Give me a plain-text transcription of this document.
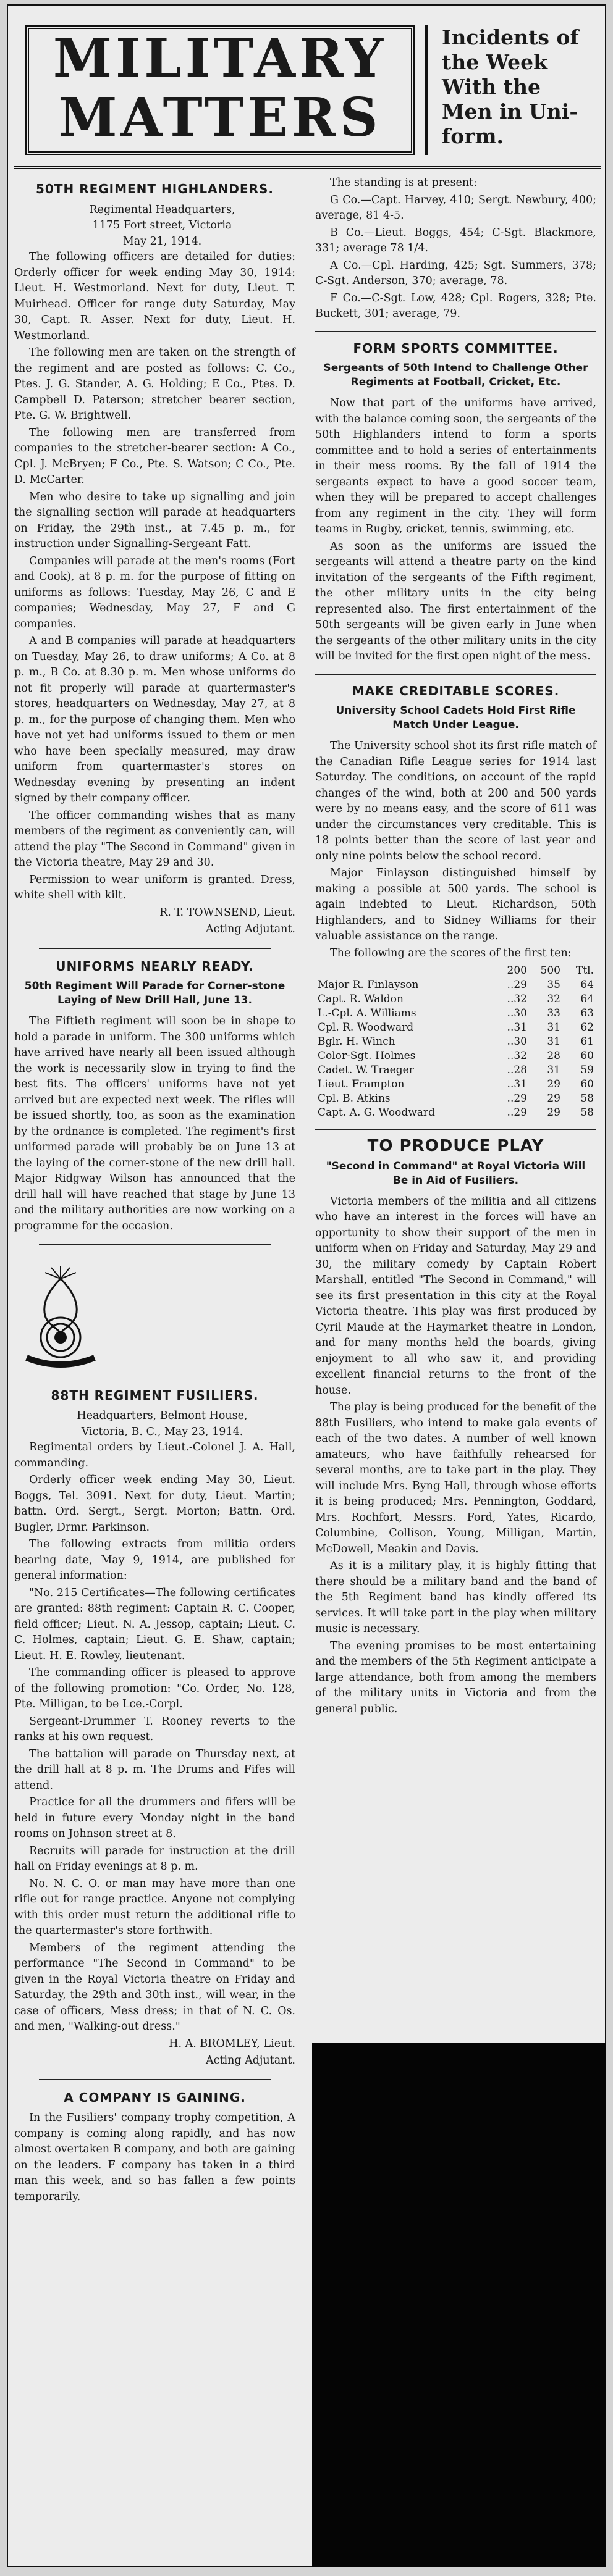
MILITARY
MATTERS
Incidents of
the Week
With the
Men in Uni-
form.
50TH REGIMENT HIGHLANDERS.

Regimental Headquarters,

1175 Fort street, Victoria

May 21, 1914.

The following officers are detailed for duties: Orderly officer for week ending May 30, 1914: Lieut. H. Westmorland. Next for duty, Lieut. T. Muirhead. Officer for range duty Saturday, May 30, Capt. R. Asser. Next for duty, Lieut. H. Westmorland.

The following men are taken on the strength of the regiment and are posted as follows: C. Co., Ptes. J. G. Stander, A. G. Holding; E Co., Ptes. D. Campbell D. Paterson; stretcher bearer section, Pte. G. W. Brightwell.

The following men are transferred from companies to the stretcher-bearer section: A Co., Cpl. J. McBryen; F Co., Pte. S. Watson; C Co., Pte. D. McCarter.

Men who desire to take up signalling and join the signalling section will parade at headquarters on Friday, the 29th inst., at 7.45 p. m., for instruction under Signalling-Sergeant Fatt.

Companies will parade at the men's rooms (Fort and Cook), at 8 p. m. for the purpose of fitting on uniforms as follows: Tuesday, May 26, C and E companies; Wednesday, May 27, F and G companies.

A and B companies will parade at headquarters on Tuesday, May 26, to draw uniforms; A Co. at 8 p. m., B Co. at 8.30 p. m. Men whose uniforms do not fit properly will parade at quartermaster's stores, headquarters on Wednesday, May 27, at 8 p. m., for the purpose of changing them. Men who have not yet had uniforms issued to them or men who have been specially measured, may draw uniform from quartermaster's stores on Wednesday evening by presenting an indent signed by their company officer.

The officer commanding wishes that as many members of the regiment as conveniently can, will attend the play "The Second in Command" given in the Victoria theatre, May 29 and 30.

Permission to wear uniform is granted. Dress, white shell with kilt.

R. T. TOWNSEND, Lieut.

Acting Adjutant.

UNIFORMS NEARLY READY.
50th Regiment Will Parade for Corner-stone Laying of New Drill Hall, June 13.

The Fiftieth regiment will soon be in shape to hold a parade in uniform. The 300 uniforms which have arrived have nearly all been issued although the work is necessarily slow in trying to find the best fits. The officers' uniforms have not yet arrived but are expected next week. The rifles will be issued shortly, too, as soon as the examination by the ordnance is completed. The regiment's first uniformed parade will probably be on June 13 at the laying of the corner-stone of the new drill hall. Major Ridgway Wilson has announced that the drill hall will have reached that stage by June 13 and the military authorities are now working on a programme for the occasion.

88TH REGIMENT FUSILIERS.

Headquarters, Belmont House,

Victoria, B. C., May 23, 1914.

Regimental orders by Lieut.-Colonel J. A. Hall, commanding.

Orderly officer week ending May 30, Lieut. Boggs, Tel. 3091. Next for duty, Lieut. Martin; battn. Ord. Sergt., Sergt. Morton; Battn. Ord. Bugler, Drmr. Parkinson.

The following extracts from militia orders bearing date, May 9, 1914, are published for general information:

"No. 215 Certificates—The following certificates are granted: 88th regiment: Captain R. C. Cooper, field officer; Lieut. N. A. Jessop, captain; Lieut. C. C. Holmes, captain; Lieut. G. E. Shaw, captain; Lieut. H. E. Rowley, lieutenant.

The commanding officer is pleased to approve of the following promotion: "Co. Order, No. 128, Pte. Milligan, to be Lce.-Corpl.

Sergeant-Drummer T. Rooney reverts to the ranks at his own request.

The battalion will parade on Thursday next, at the drill hall at 8 p. m. The Drums and Fifes will attend.

Practice for all the drummers and fifers will be held in future every Monday night in the band rooms on Johnson street at 8.

Recruits will parade for instruction at the drill hall on Friday evenings at 8 p. m.

No. N. C. O. or man may have more than one rifle out for range practice. Anyone not complying with this order must return the additional rifle to the quartermaster's store forthwith.

Members of the regiment attending the performance "The Second in Command" to be given in the Royal Victoria theatre on Friday and Saturday, the 29th and 30th inst., will wear, in the case of officers, Mess dress; in that of N. C. Os. and men, "Walking-out dress."

H. A. BROMLEY, Lieut.

Acting Adjutant.

A COMPANY IS GAINING.

In the Fusiliers' company trophy competition, A company is coming along rapidly, and has now almost overtaken B company, and both are gaining on the leaders. F company has taken in a third man this week, and so has fallen a few points temporarily.

The standing is at present:

G Co.—Capt. Harvey, 410; Sergt. Newbury, 400; average, 81 4-5.

B Co.—Lieut. Boggs, 454; C-Sgt. Blackmore, 331; average 78 1/4.

A Co.—Cpl. Harding, 425; Sgt. Summers, 378; C-Sgt. Anderson, 370; average, 78.

F Co.—C-Sgt. Low, 428; Cpl. Rogers, 328; Pte. Buckett, 301; average, 79.

FORM SPORTS COMMITTEE.
Sergeants of 50th Intend to Challenge Other Regiments at Football, Cricket, Etc.

Now that part of the uniforms have arrived, with the balance coming soon, the sergeants of the 50th Highlanders intend to form a sports committee and to hold a series of entertainments in their mess rooms. By the fall of 1914 the sergeants expect to have a good soccer team, when they will be prepared to accept challenges from any regiment in the city. They will form teams in Rugby, cricket, tennis, swimming, etc.

As soon as the uniforms are issued the sergeants will attend a theatre party on the kind invitation of the sergeants of the Fifth regiment, the other military units in the city being represented also. The first entertainment of the 50th sergeants will be given early in June when the sergeants of the other military units in the city will be invited for the first open night of the mess.

MAKE CREDITABLE SCORES.
University School Cadets Hold First Rifle Match Under League.

The University school shot its first rifle match of the Canadian Rifle League series for 1914 last Saturday. The conditions, on account of the rapid changes of the wind, both at 200 and 500 yards were by no means easy, and the score of 611 was under the circumstances very creditable. This is 18 points better than the score of last year and only nine points below the school record.

Major Finlayson distinguished himself by making a possible at 500 yards. The school is again indebted to Lieut. Richardson, 50th Highlanders, and to Sidney Williams for their valuable assistance on the range.

The following are the scores of the first ten:

	200	500	Ttl.
Major R. Finlayson	..29	35	64
Capt. R. Waldon	..32	32	64
L.-Cpl. A. Williams	..30	33	63
Cpl. R. Woodward	..31	31	62
Bglr. H. Winch	..30	31	61
Color-Sgt. Holmes	..32	28	60
Cadet. W. Traeger	..28	31	59
Lieut. Frampton	..31	29	60
Cpl. B. Atkins	..29	29	58
Capt. A. G. Woodward	..29	29	58
TO PRODUCE PLAY
"Second in Command" at Royal Victoria Will Be in Aid of Fusiliers.

Victoria members of the militia and all citizens who have an interest in the forces will have an opportunity to show their support of the men in uniform when on Friday and Saturday, May 29 and 30, the military comedy by Captain Robert Marshall, entitled "The Second in Command," will see its first presentation in this city at the Royal Victoria theatre. This play was first produced by Cyril Maude at the Haymarket theatre in London, and for many months held the boards, giving enjoyment to all who saw it, and providing excellent financial returns to the front of the house.

The play is being produced for the benefit of the 88th Fusiliers, who intend to make gala events of each of the two dates. A number of well known amateurs, who have faithfully rehearsed for several months, are to take part in the play. They will include Mrs. Byng Hall, through whose efforts it is being produced; Mrs. Pennington, Goddard, Mrs. Rochfort, Messrs. Ford, Yates, Ricardo, Columbine, Collison, Young, Milligan, Martin, McDowell, Meakin and Davis.

As it is a military play, it is highly fitting that there should be a military band and the band of the 5th Regiment band has kindly offered its services. It will take part in the play when military music is necessary.

The evening promises to be most entertaining and the members of the 5th Regiment anticipate a large attendance, both from among the members of the military units in Victoria and from the general public.
